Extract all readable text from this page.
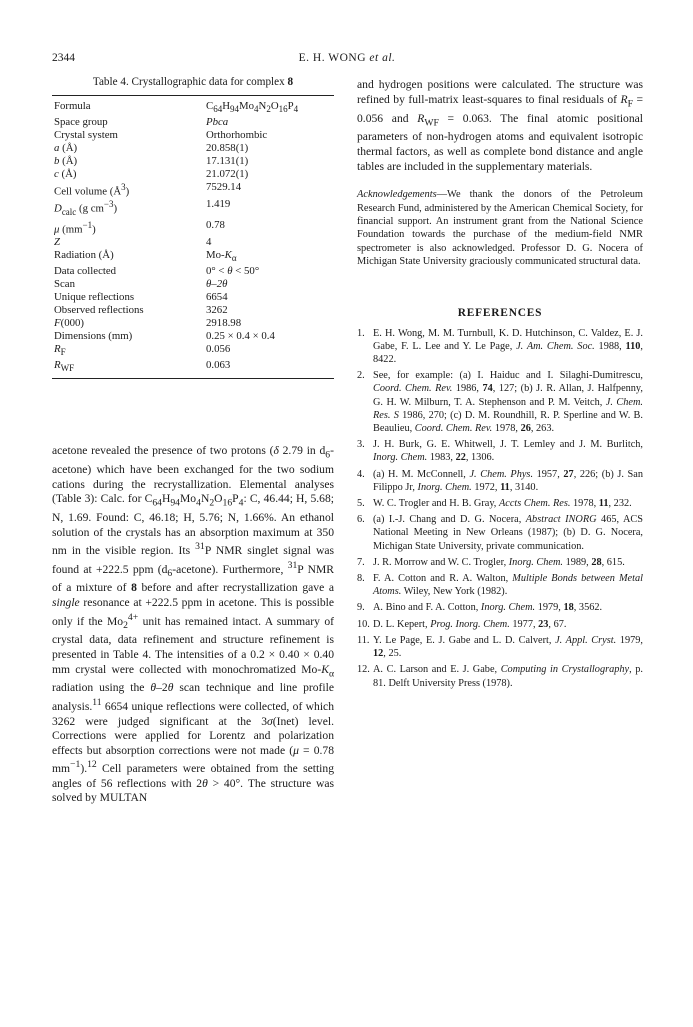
2344	E. H. WONG et al.
Table 4. Crystallographic data for complex 8
Formula	$C_{64}H_{94}Mo_4N_2O_{16}P_4$
Space group	Pbca
Crystal system	Orthorhombic
a (Å)	20.858(1)
b (Å)	17.131(1)
c (Å)	21.072(1)
Cell volume $(Å^3)$	7529.14
$D_{calc}$ (g $cm^{-3}$)	1.419
μ $(mm^{-1})$	0.78
Z	4
Radiation (Å)	$Mo-K_\alpha$
Data collected	0° < θ < 50°
Scan	θ–2θ
Unique reflections	6654
Observed reflections	3262
F(000)	2918.98
Dimensions (mm)	0.25 × 0.4 × 0.4
$R_F$	0.056
$R_{WF}$	0.063

acetone revealed the presence of two protons (δ 2.79 in $d_6-acetone$) which have been exchanged for the two sodium cations during the recrystallization. Elemental analyses (Table 3): Calc. for $C_{64}H_{94}Mo_4N_2O_{16}P_4$: C, 46.44; H, 5.68; N, 1.69. Found: C, 46.18; H, 5.76; N, 1.66%. An ethanol solution of the crystals has an absorption maximum at 350 nm in the visible region. Its $^{31}$P NMR singlet signal was found at +222.5 ppm $(d_6-acetone)$. Furthermore, $^{31}$P NMR of a mixture of 8 before and after recrystallization gave a single resonance at +222.5 ppm in acetone. This is possible only if the $Mo_2^{4+}$ unit has remained intact. A summary of crystal data, data refinement and structure refinement is presented in Table 4. The intensities of a 0.2 × 0.40 × 0.40 mm crystal were collected with monochromatized $Mo-K_\alpha$ radiation using the θ–2θ scan technique and line profile analysis.$^{11}$ 6654 unique reflections were collected, of which 3262 were judged significant at the 3σ(Inet) level. Corrections were applied for Lorentz and polarization effects but absorption corrections were not made (μ = 0.78 $mm^{-1}).^{12}$ Cell parameters were obtained from the setting angles of 56 reflections with 2θ > 40°. The structure was solved by MULTAN

and hydrogen positions were calculated. The structure was refined by full-matrix least-squares to final residuals of $R_F = 0.056$ and $R_{WF} = 0.063$. The final atomic positional parameters of non-hydrogen atoms and equivalent isotropic thermal factors, as well as complete bond distance and angle tables are included in the supplementary materials.

Acknowledgements—We thank the donors of the Petroleum Research Fund, administered by the American Chemical Society, for financial support. An instrument grant from the National Science Foundation towards the purchase of the medium-field NMR spectrometer is also acknowledged. Professor D. G. Nocera of Michigan State University graciously communicated structural data.

REFERENCES
1. E. H. Wong, M. M. Turnbull, K. D. Hutchinson, C. Valdez, E. J. Gabe, F. L. Lee and Y. Le Page, J. Am. Chem. Soc. 1988, 110, 8422.
2. See, for example: (a) I. Haiduc and I. Silaghi-Dumitrescu, Coord. Chem. Rev. 1986, 74, 127; (b) J. R. Allan, J. Halfpenny, G. H. W. Milburn, T. A. Stephenson and P. M. Veitch, J. Chem. Res. S 1986, 270; (c) D. M. Roundhill, R. P. Sperline and W. B. Beaulieu, Coord. Chem. Rev. 1978, 26, 263.
3. J. H. Burk, G. E. Whitwell, J. T. Lemley and J. M. Burlitch, Inorg. Chem. 1983, 22, 1306.
4. (a) H. M. McConnell, J. Chem. Phys. 1957, 27, 226; (b) J. San Filippo Jr, Inorg. Chem. 1972, 11, 3140.
5. W. C. Trogler and H. B. Gray, Accts Chem. Res. 1978, 11, 232.
6. (a) I.-J. Chang and D. G. Nocera, Abstract INORG 465, ACS National Meeting in New Orleans (1987); (b) D. G. Nocera, Michigan State University, private communication.
7. J. R. Morrow and W. C. Trogler, Inorg. Chem. 1989, 28, 615.
8. F. A. Cotton and R. A. Walton, Multiple Bonds between Metal Atoms. Wiley, New York (1982).
9. A. Bino and F. A. Cotton, Inorg. Chem. 1979, 18, 3562.
10. D. L. Kepert, Prog. Inorg. Chem. 1977, 23, 67.
11. Y. Le Page, E. J. Gabe and L. D. Calvert, J. Appl. Cryst. 1979, 12, 25.
12. A. C. Larson and E. J. Gabe, Computing in Crystallography, p. 81. Delft University Press (1978).
